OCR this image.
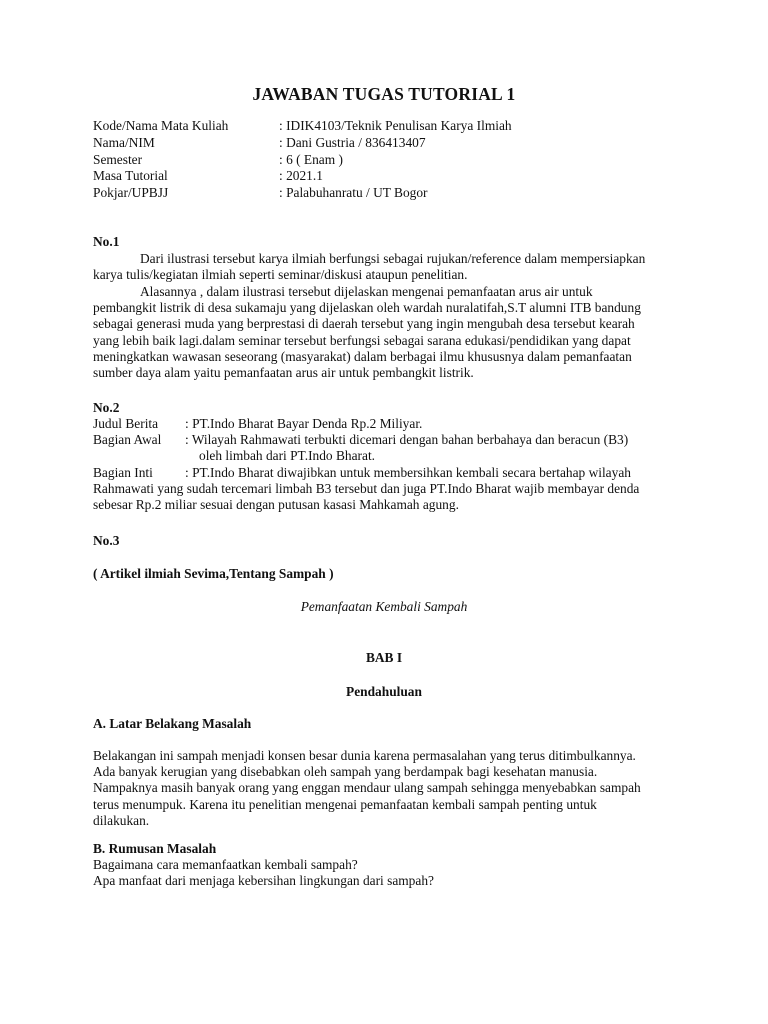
JAWABAN TUGAS TUTORIAL 1
Kode/Nama Mata Kuliah	: IDIK4103/Teknik Penulisan Karya Ilmiah
Nama/NIM	: Dani Gustria / 836413407
Semester	: 6 ( Enam )
Masa Tutorial	: 2021.1
Pokjar/UPBJJ	: Palabuhanratu / UT Bogor
No.1
Dari ilustrasi tersebut karya ilmiah berfungsi sebagai rujukan/reference dalam mempersiapkan
karya tulis/kegiatan ilmiah seperti seminar/diskusi ataupun penelitian.
Alasannya , dalam ilustrasi tersebut dijelaskan mengenai pemanfaatan arus air untuk
pembangkit listrik di desa sukamaju yang dijelaskan oleh wardah nuralatifah,S.T alumni ITB bandung
sebagai generasi muda yang berprestasi di daerah tersebut yang ingin mengubah desa tersebut kearah
yang lebih baik lagi.dalam seminar tersebut berfungsi sebagai sarana edukasi/pendidikan yang dapat
meningkatkan wawasan seseorang (masyarakat) dalam berbagai ilmu khususnya dalam pemanfaatan
sumber daya alam yaitu pemanfaatan arus air untuk pembangkit listrik.
No.2
Judul Berita	: PT.Indo Bharat Bayar Denda Rp.2 Miliyar.
Bagian Awal	: Wilayah Rahmawati terbukti dicemari dengan bahan berbahaya dan beracun (B3)
oleh limbah dari PT.Indo Bharat.
Bagian Inti	: PT.Indo Bharat diwajibkan untuk membersihkan kembali secara bertahap wilayah
Rahmawati yang sudah tercemari limbah B3 tersebut dan juga PT.Indo Bharat wajib membayar denda
sebesar Rp.2 miliar sesuai dengan putusan kasasi Mahkamah agung.
No.3
( Artikel ilmiah Sevima,Tentang Sampah )
Pemanfaatan Kembali Sampah
BAB I
Pendahuluan
A. Latar Belakang Masalah
Belakangan ini sampah menjadi konsen besar dunia karena permasalahan yang terus ditimbulkannya.
Ada banyak kerugian yang disebabkan oleh sampah yang berdampak bagi kesehatan manusia.
Nampaknya masih banyak orang yang enggan mendaur ulang sampah sehingga menyebabkan sampah
terus menumpuk. Karena itu penelitian mengenai pemanfaatan kembali sampah penting untuk
dilakukan.
B. Rumusan Masalah
Bagaimana cara memanfaatkan kembali sampah?
Apa manfaat dari menjaga kebersihan lingkungan dari sampah?
